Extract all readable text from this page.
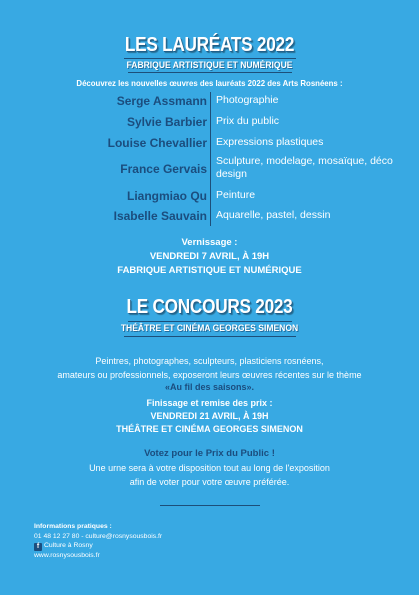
LES LAURÉATS 2022
FABRIQUE ARTISTIQUE ET NUMÉRIQUE
Découvrez les nouvelles œuvres des lauréats 2022 des Arts Rosnéens :
Serge Assmann Photographie
Sylvie Barbier Prix du public
Louise Chevallier Expressions plastiques
France Gervais
Sculpture, modelage, mosaïque, déco design
Liangmiao Qu Peinture
Isabelle Sauvain Aquarelle, pastel, dessin
Vernissage :
VENDREDI 7 AVRIL, À 19H
FABRIQUE ARTISTIQUE ET NUMÉRIQUE
LE CONCOURS 2023
THÉÂTRE ET CINÉMA GEORGES SIMENON
Peintres, photographes, sculpteurs, plasticiens rosnéens,
amateurs ou professionnels, exposeront leurs œuvres récentes sur le thème
«Au fil des saisons».
Finissage et remise des prix :
VENDREDI 21 AVRIL, À 19H
THÉÂTRE ET CINÉMA GEORGES SIMENON
Votez pour le Prix du Public !
Une urne sera à votre disposition tout au long de l'exposition
afin de voter pour votre œuvre préférée.
Informations pratiques :
01 48 12 27 80 - culture@rosnysousbois.fr
f Culture à Rosny
www.rosnysousbois.fr
